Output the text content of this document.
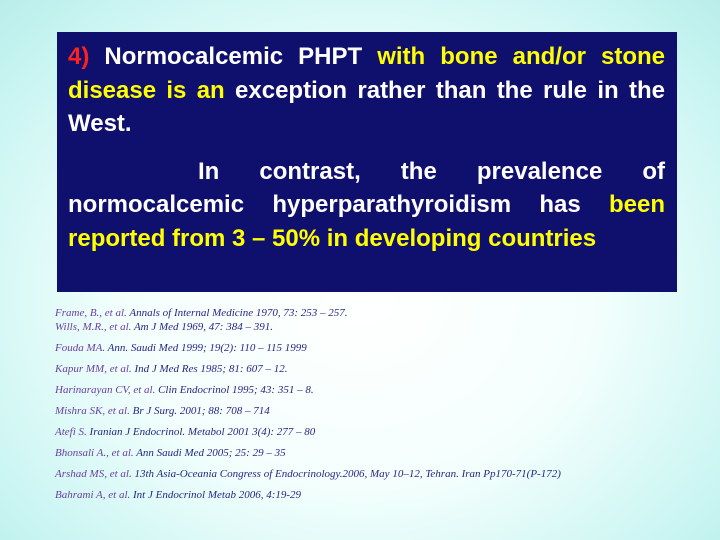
4) Normocalcemic PHPT with bone and/or stone disease is an exception rather than the rule in the West.

In contrast, the prevalence of normocalcemic hyperparathyroidism has been reported from 3 – 50% in developing countries

Frame, B., et al. Annals of Internal Medicine 1970, 73: 253 – 257.

Wills, M.R., et al. Am J Med 1969, 47: 384 – 391.

Fouda MA. Ann. Saudi Med 1999; 19(2): 110 – 115 1999

Kapur MM, et al. Ind J Med Res 1985; 81: 607 – 12.

Harinarayan CV, et al. Clin Endocrinol 1995; 43: 351 – 8.

Mishra SK, et al. Br J Surg. 2001; 88: 708 – 714

Atefi S. Iranian J Endocrinol. Metabol 2001 3(4): 277 – 80

Bhonsali A., et al. Ann Saudi Med 2005; 25: 29 – 35

Arshad MS, et al. 13th Asia-Oceania Congress of Endocrinology.2006, May 10–12, Tehran. Iran Pp170-71(P-172)

Bahrami A, et al. Int J Endocrinol Metab 2006, 4:19-29
